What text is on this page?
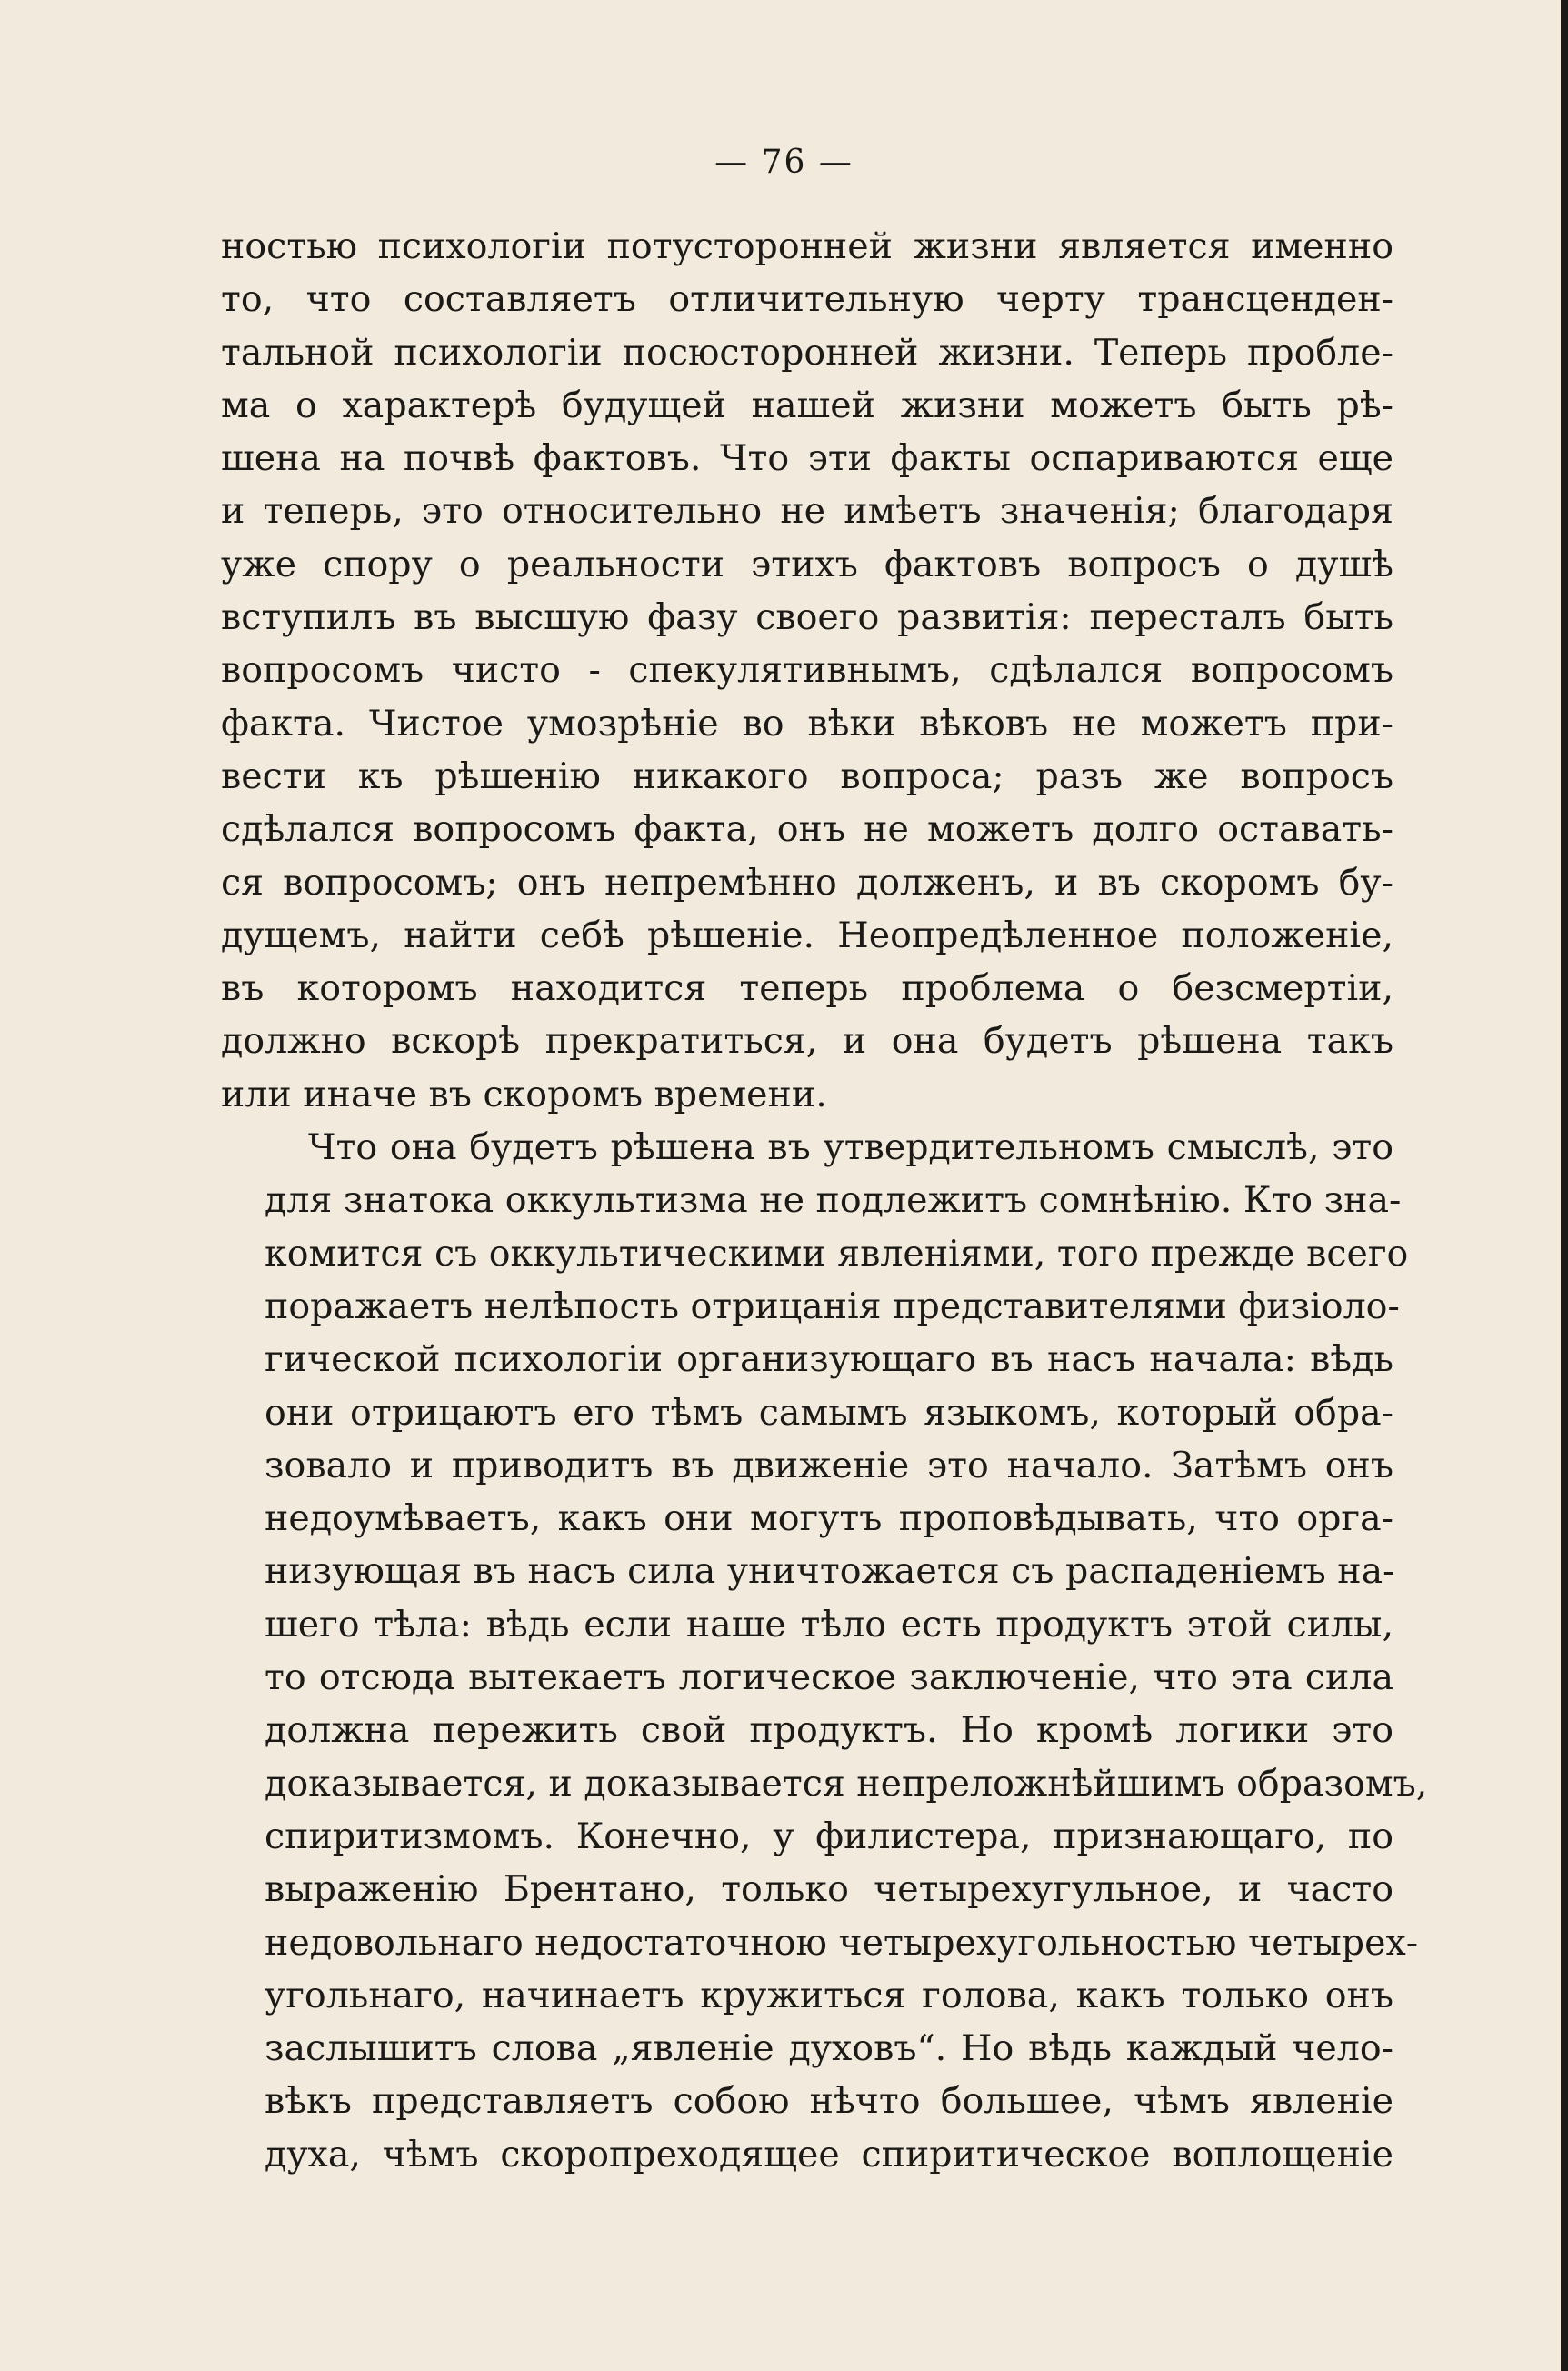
— 76 —

ностью психологіи потусторонней жизни является именно
то, что составляетъ отличительную черту трансценден-
тальной психологіи посюсторонней жизни. Теперь пробле-
ма о характерѣ будущей нашей жизни можетъ быть рѣ-
шена на почвѣ фактовъ. Что эти факты оспариваются еще
и теперь, это относительно не имѣетъ значенія; благодаря
уже спору о реальности этихъ фактовъ вопросъ о душѣ
вступилъ въ высшую фазу своего развитія: пересталъ быть
вопросомъ чисто - спекулятивнымъ, сдѣлался вопросомъ
факта. Чистое умозрѣніе во вѣки вѣковъ не можетъ при-
вести къ рѣшенію никакого вопроса; разъ же вопросъ
сдѣлался вопросомъ факта, онъ не можетъ долго оставать-
ся вопросомъ; онъ непремѣнно долженъ, и въ скоромъ бу-
дущемъ, найти себѣ рѣшеніе. Неопредѣленное положеніе,
въ которомъ находится теперь проблема о безсмертіи,
должно вскорѣ прекратиться, и она будетъ рѣшена такъ
или иначе въ скоромъ времени.

Что она будетъ рѣшена въ утвердительномъ смыслѣ, это
для знатока оккультизма не подлежитъ сомнѣнію. Кто зна-
комится съ оккультическими явленіями, того прежде всего
поражаетъ нелѣпость отрицанія представителями физіоло-
гической психологіи организующаго въ насъ начала: вѣдь
они отрицаютъ его тѣмъ самымъ языкомъ, который обра-
зовало и приводитъ въ движеніе это начало. Затѣмъ онъ
недоумѣваетъ, какъ они могутъ проповѣдывать, что орга-
низующая въ насъ сила уничтожается съ распаденіемъ на-
шего тѣла: вѣдь если наше тѣло есть продуктъ этой силы,
то отсюда вытекаетъ логическое заключеніе, что эта сила
должна пережить свой продуктъ. Но кромѣ логики это
доказывается, и доказывается непреложнѣйшимъ образомъ,
спиритизмомъ. Конечно, у филистера, признающаго, по
выраженію Брентано, только четырехугульное, и часто
недовольнаго недостаточною четырехугольностью четырех-
угольнаго, начинаетъ кружиться голова, какъ только онъ
заслышитъ слова „явленіе духовъ“. Но вѣдь каждый чело-
вѣкъ представляетъ собою нѣчто большее, чѣмъ явленіе
духа, чѣмъ скоропреходящее спиритическое воплощеніе
